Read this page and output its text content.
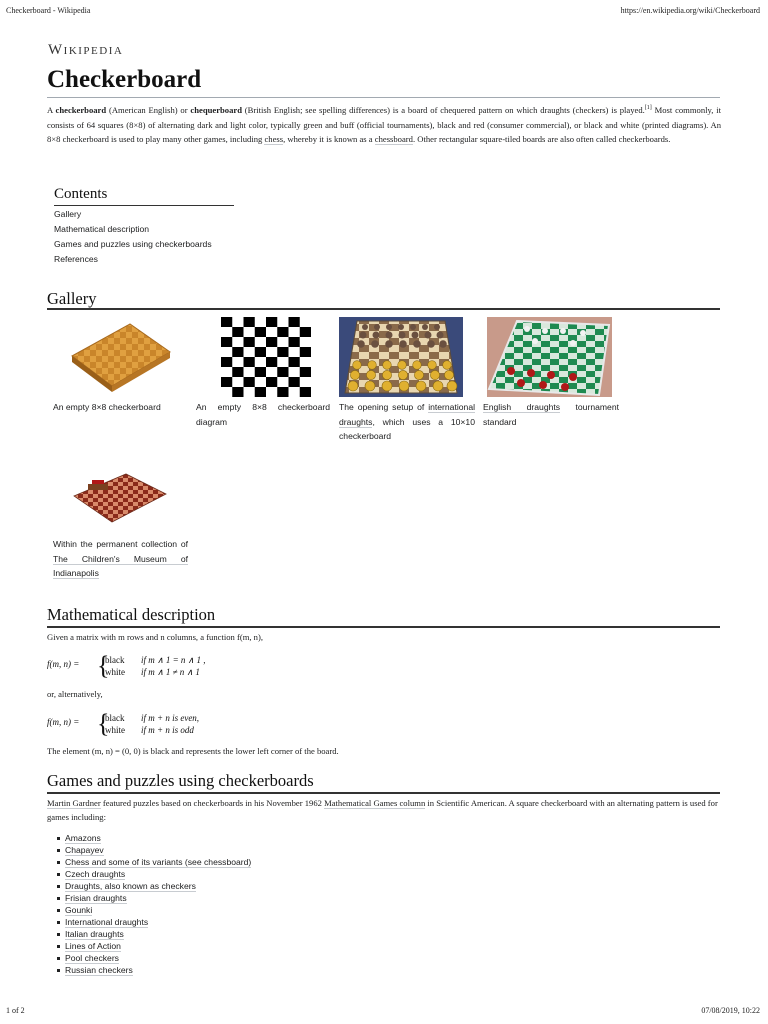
Checkerboard - Wikipedia	https://en.wikipedia.org/wiki/Checkerboard
Wikipedia
Checkerboard
A checkerboard (American English) or chequerboard (British English; see spelling differences) is a board of chequered pattern on which draughts (checkers) is played.[1] Most commonly, it consists of 64 squares (8×8) of alternating dark and light color, typically green and buff (official tournaments), black and red (consumer commercial), or black and white (printed diagrams). An 8×8 checkerboard is used to play many other games, including chess, whereby it is known as a chessboard. Other rectangular square-tiled boards are also often called checkerboards.
Contents
Gallery
Mathematical description
Games and puzzles using checkerboards
References
Gallery
An empty 8×8 checkerboard	An empty 8×8 checkerboard diagram
The opening setup of international draughts, which uses a 10×10 checkerboard
English draughts tournament standard
Within the permanent collection of The Children's Museum of Indianapolis
Mathematical description
Given a matrix with m rows and n columns, a function f(m, n),
f(m, n) = {
black if m ∧ 1 = n ∧ 1 ,
white if m ∧ 1 ≠ n ∧ 1
or, alternatively,
f(m, n) = {
black if m + n is even,
white if m + n is odd
The element (m, n) = (0, 0) is black and represents the lower left corner of the board.
Games and puzzles using checkerboards
Martin Gardner featured puzzles based on checkerboards in his November 1962 Mathematical Games column in Scientific American. A square checkerboard with an alternating pattern is used for games including:
Amazons
Chapayev
Chess and some of its variants (see chessboard)
Czech draughts
Draughts, also known as checkers
Frisian draughts
Gounki
International draughts
Italian draughts
Lines of Action
Pool checkers
Russian checkers
1 of 2	07/08/2019, 10:22
